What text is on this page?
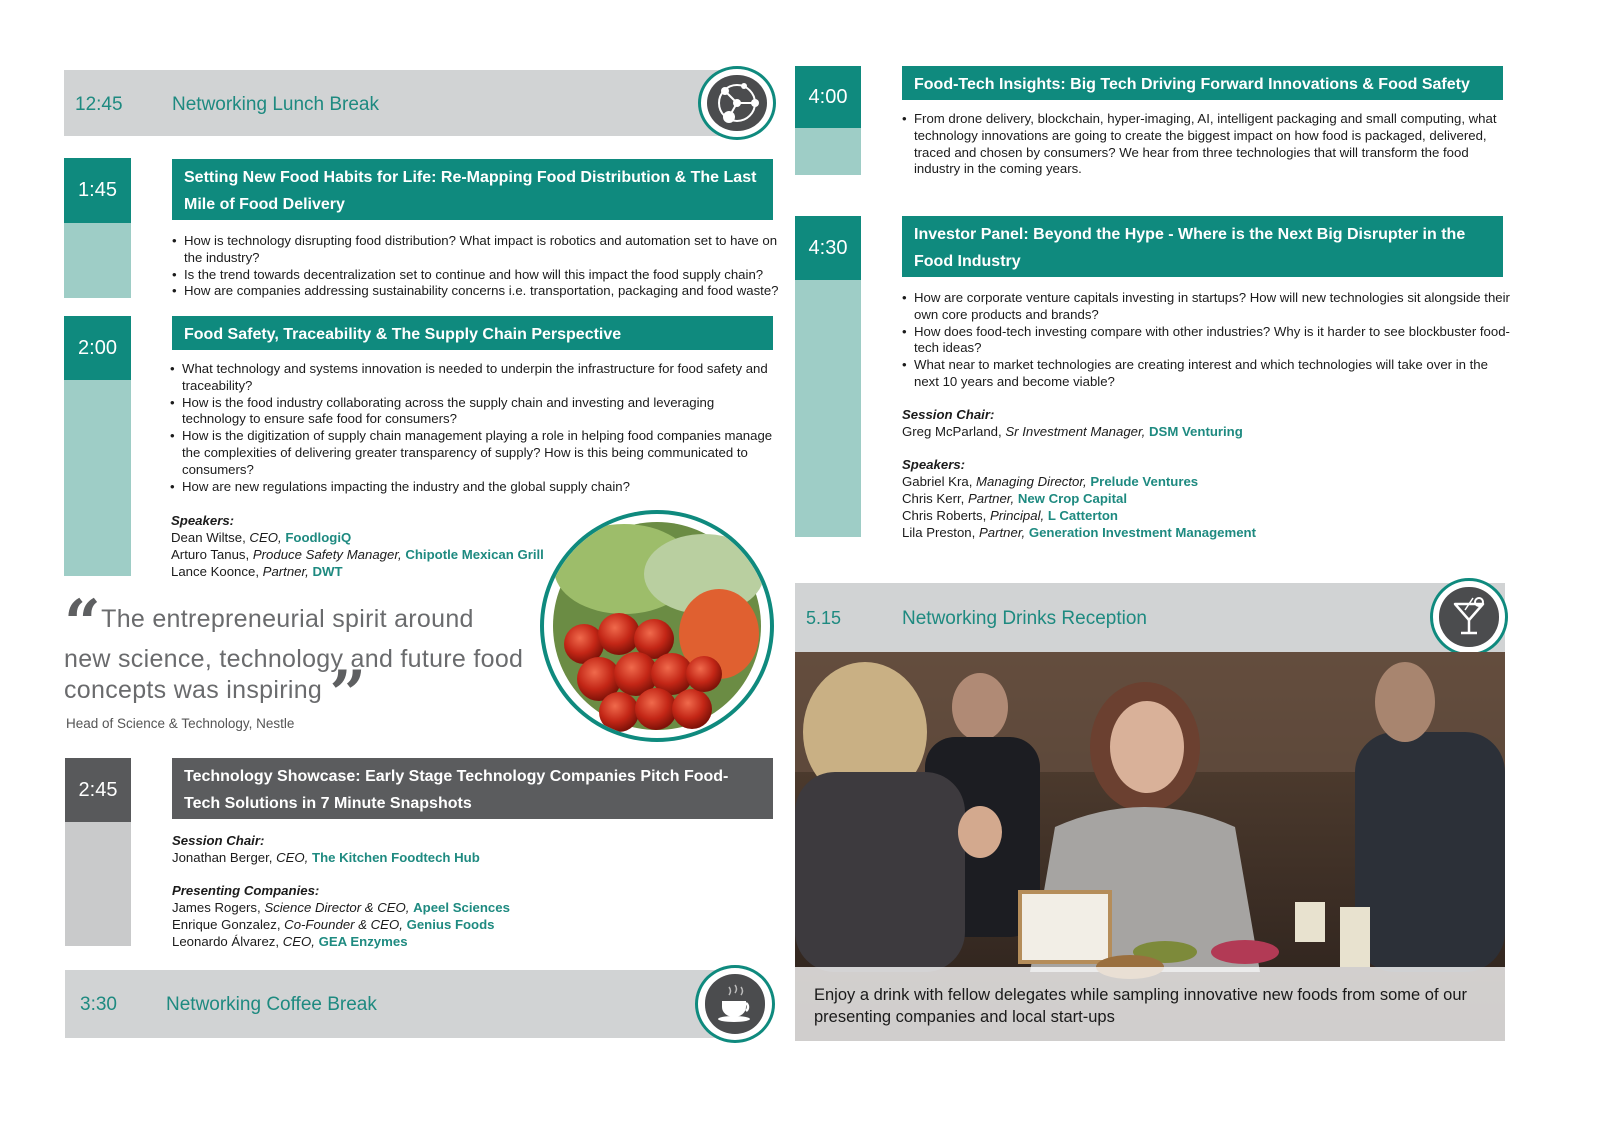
12:45	Networking Lunch Break
1:45
Setting New Food Habits for Life: Re-Mapping Food Distribution & The Last Mile of Food Delivery
• How is technology disrupting food distribution? What impact is robotics and automation set to have on the industry?
• Is the trend towards decentralization set to continue and how will this impact the food supply chain?
• How are companies addressing sustainability concerns i.e. transportation, packaging and food waste?
2:00
Food Safety, Traceability & The Supply Chain Perspective
• What technology and systems innovation is needed to underpin the infrastructure for food safety and traceability?
• How is the food industry collaborating across the supply chain and investing and leveraging technology to ensure safe food for consumers?
• How is the digitization of supply chain management playing a role in helping food companies manage the complexities of delivering greater transparency of supply? How is this being communicated to consumers?
• How are new regulations impacting the industry and the global supply chain?
Speakers:
Dean Wiltse, CEO, FoodlogiQ
Arturo Tanus, Produce Safety Manager, Chipotle Mexican Grill
Lance Koonce, Partner, DWT
“The entrepreneurial spirit around
new science, technology and future food
concepts was inspiring ”
Head of Science & Technology, Nestle
2:45
Technology Showcase: Early Stage Technology Companies Pitch Food-Tech Solutions in 7 Minute Snapshots
Session Chair:
Jonathan Berger, CEO, The Kitchen Foodtech Hub
Presenting Companies:
James Rogers, Science Director & CEO, Apeel Sciences
Enrique Gonzalez, Co-Founder & CEO, Genius Foods
Leonardo Álvarez, CEO, GEA Enzymes
3:30	Networking Coffee Break
4:00
Food-Tech Insights: Big Tech Driving Forward Innovations & Food Safety
• From drone delivery, blockchain, hyper-imaging, AI, intelligent packaging and small computing, what technology innovations are going to create the biggest impact on how food is packaged, delivered, traced and chosen by consumers? We hear from three technologies that will transform the food industry in the coming years.
4:30
Investor Panel: Beyond the Hype - Where is the Next Big Disrupter in the Food Industry
• How are corporate venture capitals investing in startups? How will new technologies sit alongside their own core products and brands?
• How does food-tech investing compare with other industries? Why is it harder to see blockbuster food-tech ideas?
• What near to market technologies are creating interest and which technologies will take over in the next 10 years and become viable?
Session Chair:
Greg McParland, Sr Investment Manager, DSM Venturing
Speakers:
Gabriel Kra, Managing Director, Prelude Ventures
Chris Kerr, Partner, New Crop Capital
Chris Roberts, Principal, L Catterton
Lila Preston, Partner, Generation Investment Management
5.15	Networking Drinks Reception
Enjoy a drink with fellow delegates while sampling innovative new foods from some of our presenting companies and local start-ups
